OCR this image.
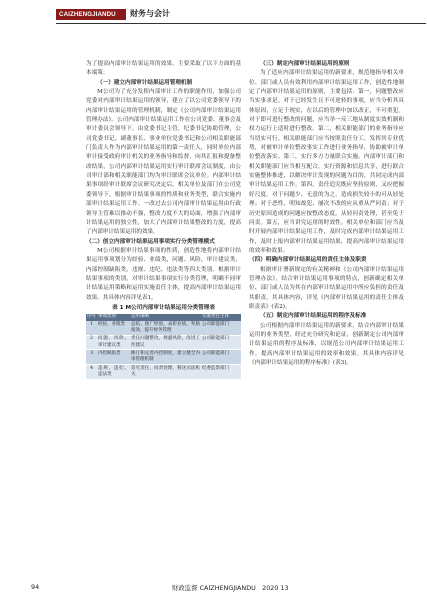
CAIZHENGJIANDU	财务与会计

为了提高内部审计结果运用的效果，主要采取了以下方面的基本端策：

（一）建立内部审计结果运用管理机制

M公司为了充分发挥内部审计工作的职能作用，加强公司党委对内部审计结果运用的领导，建立了以公司党委领导下的内部审计结果运用的管理机制，制定《公司内部审计结果运用管理办法》。公司内部审计结果运用工作在公司党委、董事会及审计委员会领导下，由党委书记主管，纪委书记协助管理，公司党委书记、副董事长、事业单位党委书记和公司相关职能部门负责人作为内部审计结果运用的第一责任人，同时单位内部审计接受政府审计机关的业务指导和监督，向其汇报和提备整改结果，公司内部审计结果运用实行审计联席会议制度，由公司审计部和相关职能部门均为审计联席会议单位。内部审计结果事项经审计联席会议研究决定后，相关单位及部门在公司党委领导下，根据审计结果事项的性质和业务类型，联合实施内部审计结果运用工作。一改过去公司内部审计结果运用由行政领导主管难以推动不强，整改力度不大的局面，增强了内部审计结果运用的独立性，加大了内部审计结果整改的力度，提高了内部审计结果运用的效果。

（二）创立内部审计结果运用事项实行分类管理模式

M公司根据审计结果事项的性质，创造性地将内部审计结果运用事项划分为经验、业绩类，问题、风险，审计建议类，内部控制缺陷类，违规、违纪、违法类等四大类别。根据审计结果事项的类别，对审计结果事项实行分类管理，明确不同审计结果运用策略和运用实施责任主体，提高内部审计结果运用效果。其具体内容详见表1。

表 1 M公司内部审计结果运用分类管理表
序号	事项类别	运用策略	实施责任主体
1	经验、业绩类	总结、推广经验，表彰业绩，奖励绩效，提升财务管理	公司职能部门
2	问题、风险、审计建议类	责任问题整改，规避风险，改进工作建议	公司职能部门
3	内控缺陷类	修订和完善内控制度，建立健全内审管理机制	公司职能部门
4	违规、违纪、违法类	追究责任，问责处理，移送司法机关	纪委监察部门

（三）制定内部审计结果运用的原则

为了适应内部审计结果运用的新要求，规范地指导相关单位、部门或人员有效利用内部审计结果运用工作，创造性地制定了内部审计结果运用的原则，主要包括：第一，问题整改应当实事求是。对于已经发生且不可逆转的事项，应当分析其具体原因，立足于现实，在以后的管理中加以改正，不可重犯。对于即可进行整改的问题，应当举一反三地从制度实效机制和权力运行上适时进行整改。第二，相关职能部门的业务指导应当切实可行。相关职能部门应当按照责任分工，发挥其专业优势，对被审计单位整改事实工作进行业务指导，协助被审计单位整改落实。第三，实行多方力量联合实施。内部审计部门和相关职能部门应当相互配合，实行资源和信息共享，进行联合实施整体推进，以解决审计发现的问题为目的，共同完成内部审计结果运用工作。第四，责任追究既应坚持原则，又应把握好尺度。对于问题少、无意的为之、造成损失较小的可从轻处理；对于恶性、明知故犯、屡次不改的应从重从严问责；对于历史原因造成的问题应按整改态度，从轻问责处理，甚至免于问责。第五，应当讲究运用的时效性。相关单位和部门应当及时开展内部审计结果运用工作，及时完成内部审计结果运用工作，及时上报内部审计结果运用结果，提高内部审计结果运用的效率和效果。

（四）明确内部审计结果运用的责任主体及职责

根据审计署新规定的有关精神和《公司内部审计结果运用管理办法》，结合审计结果运用事项的特点，创新确定相关单位、部门或人员为其在内部审计结果运用中所应负担的责任及其职责。其具体内容，详见《内部审计结果运用的责任主体及职责表》(表2)。

（五）制定内部审计结果运用的程序及标准

公司根据内部审计结果运用的新要求，结合内部审计结果运用的业务类型，经过充分研究和论证，创新制定公司内部审计结果运用的程序及标准，以规范公司内部审计结果运用工作，提高内部审计结果运用的效率和效果。其具体内容详见《内部审计结果运用的程序标准》(表3)。

94	财政监督 CAIZHENGJIANDU　2020 13
